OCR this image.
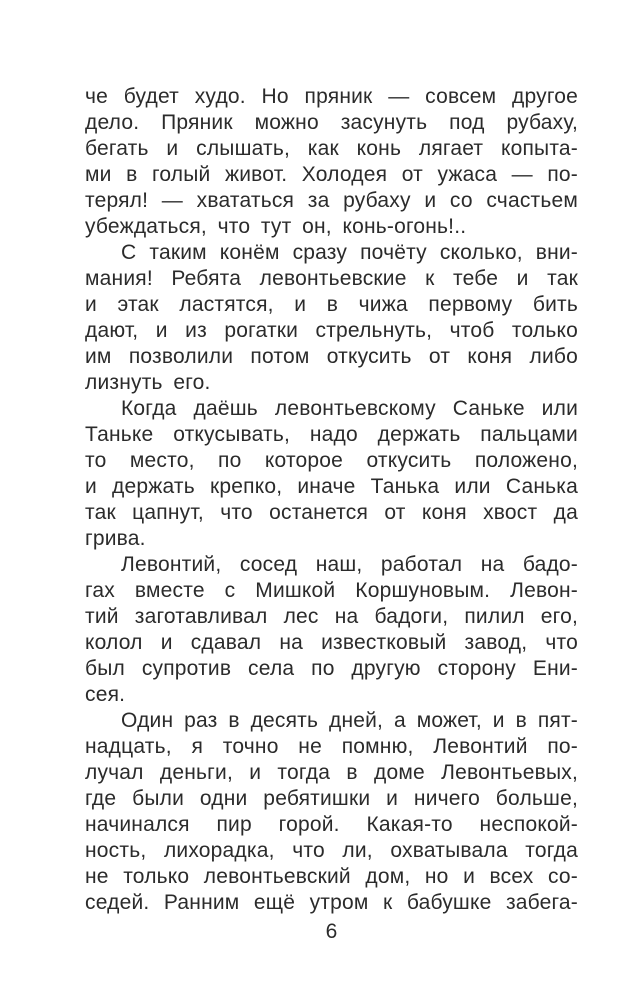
че будет худо. Но пряник — совсем другое
дело. Пряник можно засунуть под рубаху,
бегать и слышать, как конь лягает копыта-
ми в голый живот. Холодея от ужаса — по-
терял! — хвататься за рубаху и со счастьем
убеждаться, что тут он, конь-огонь!..
С таким конём сразу почёту сколько, вни-
мания! Ребята левонтьевские к тебе и так
и этак ластятся, и в чижа первому бить
дают, и из рогатки стрельнуть, чтоб только
им позволили потом откусить от коня либо
лизнуть его.
Когда даёшь левонтьевскому Саньке или
Таньке откусывать, надо держать пальцами
то место, по которое откусить положено,
и держать крепко, иначе Танька или Санька
так цапнут, что останется от коня хвост да
грива.
Левонтий, сосед наш, работал на бадо-
гах вместе с Мишкой Коршуновым. Левон-
тий заготавливал лес на бадоги, пилил его,
колол и сдавал на известковый завод, что
был супротив села по другую сторону Ени-
сея.
Один раз в десять дней, а может, и в пят-
надцать, я точно не помню, Левонтий по-
лучал деньги, и тогда в доме Левонтьевых,
где были одни ребятишки и ничего больше,
начинался пир горой. Какая-то неспокой-
ность, лихорадка, что ли, охватывала тогда
не только левонтьевский дом, но и всех со-
седей. Ранним ещё утром к бабушке забега-
6
